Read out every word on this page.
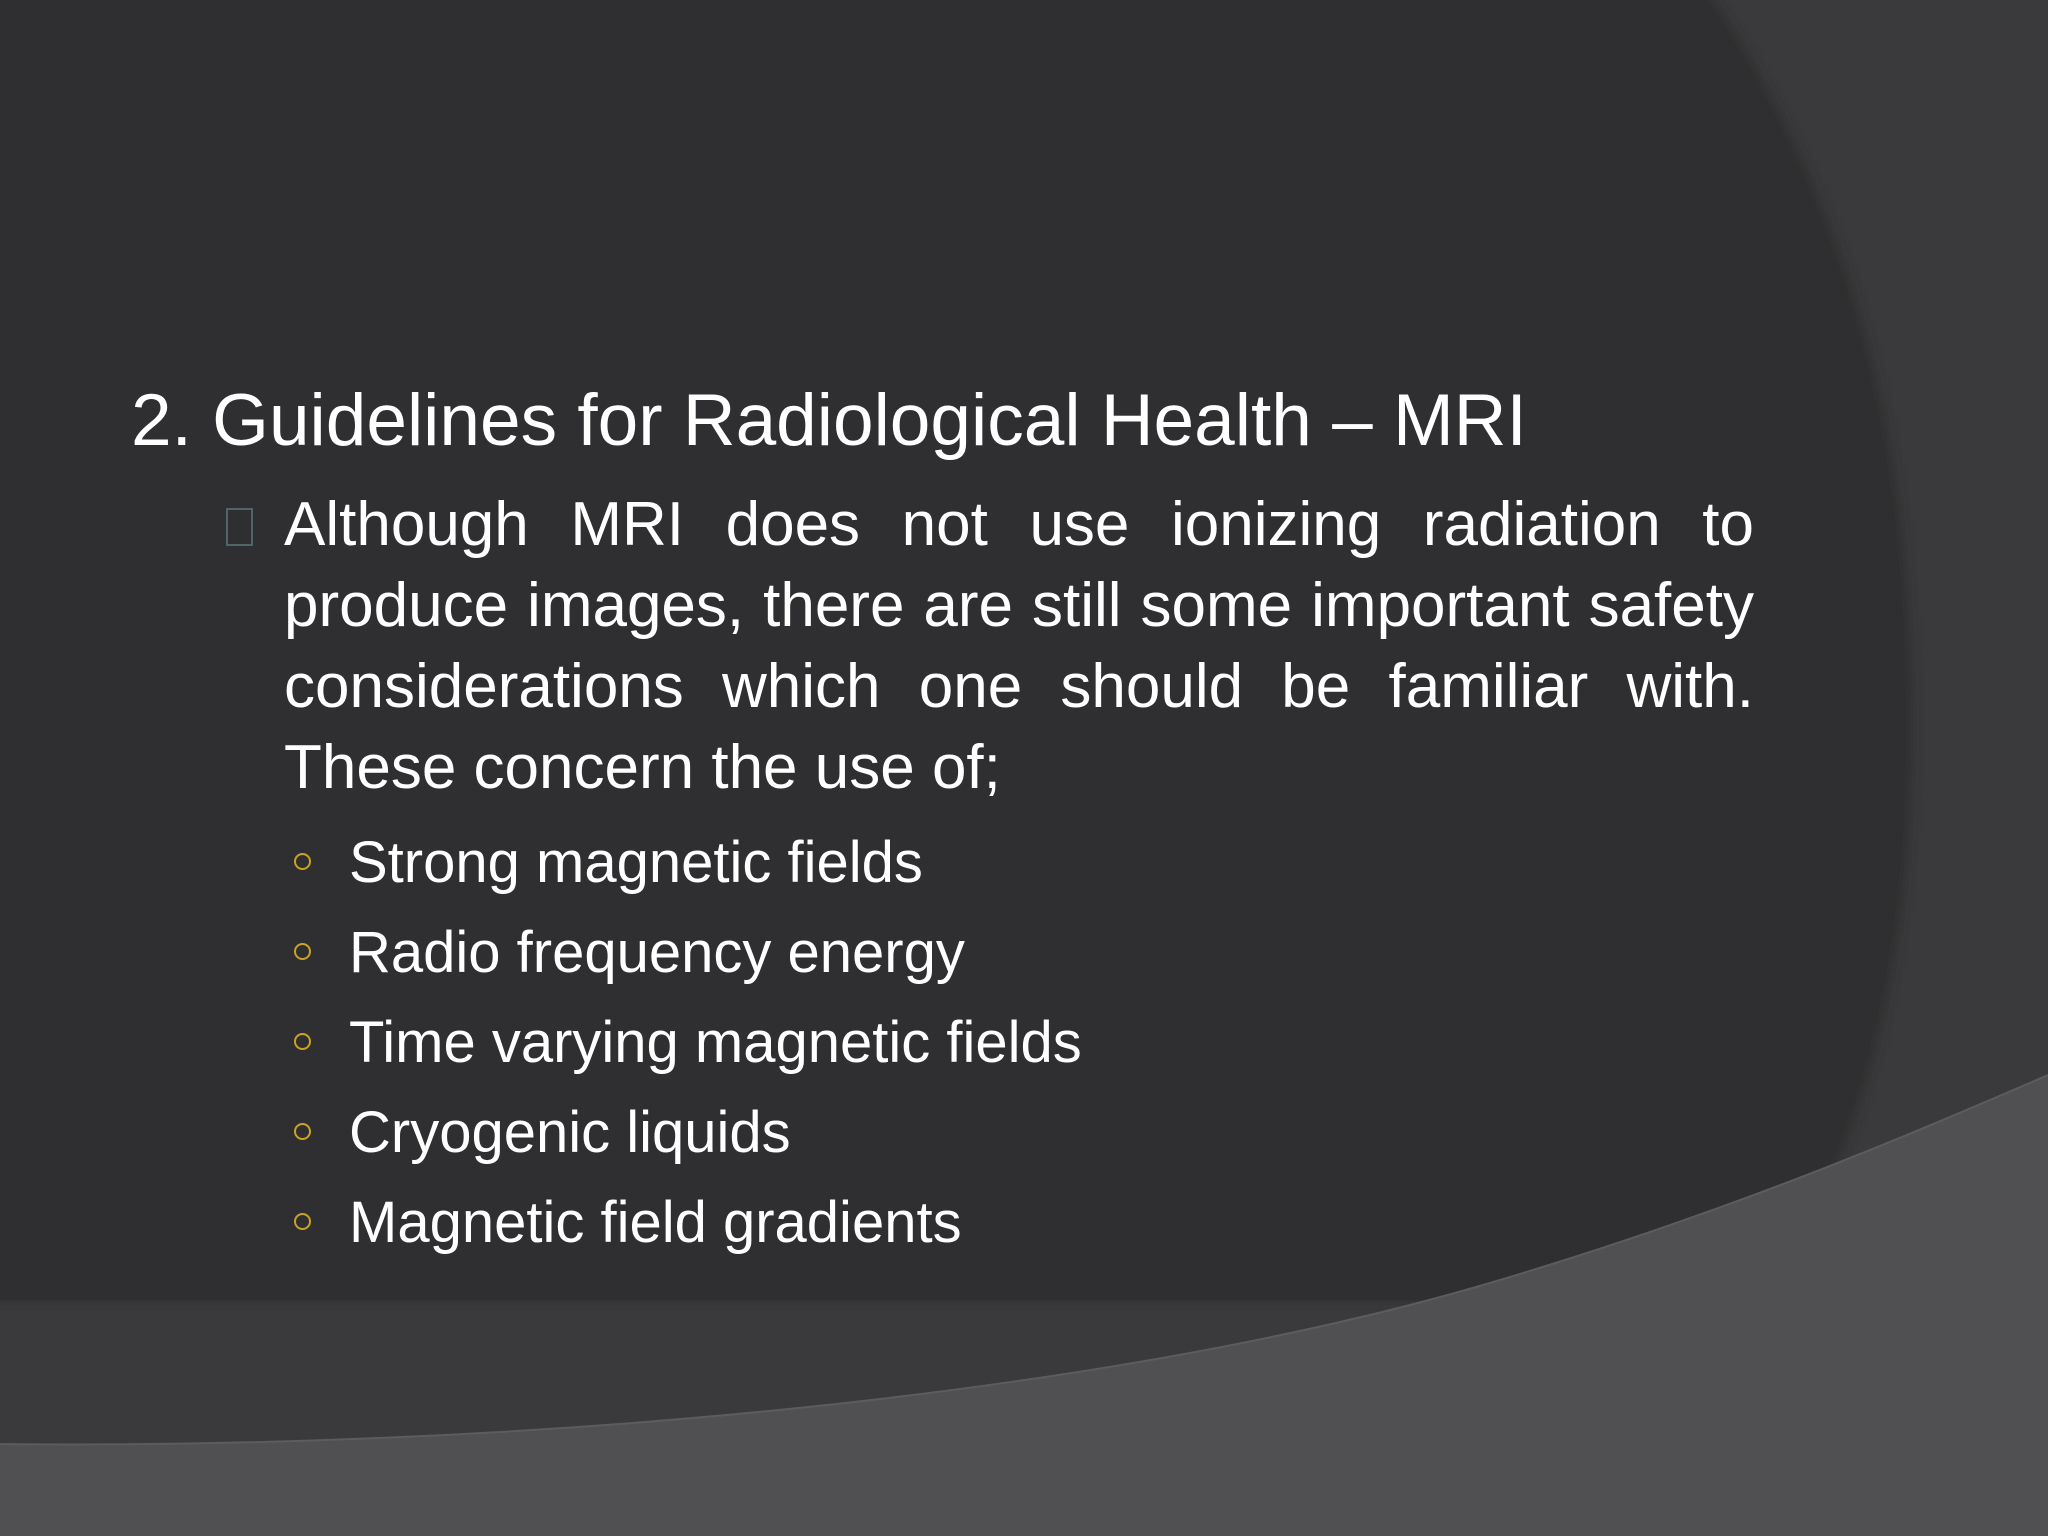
2. Guidelines for Radiological Health – MRI

Although MRI does not use ionizing radiation to produce images, there are still some important safety considerations which one should be familiar with. These concern the use of;

Strong magnetic fields
Radio frequency energy
Time varying magnetic fields
Cryogenic liquids
Magnetic field gradients
